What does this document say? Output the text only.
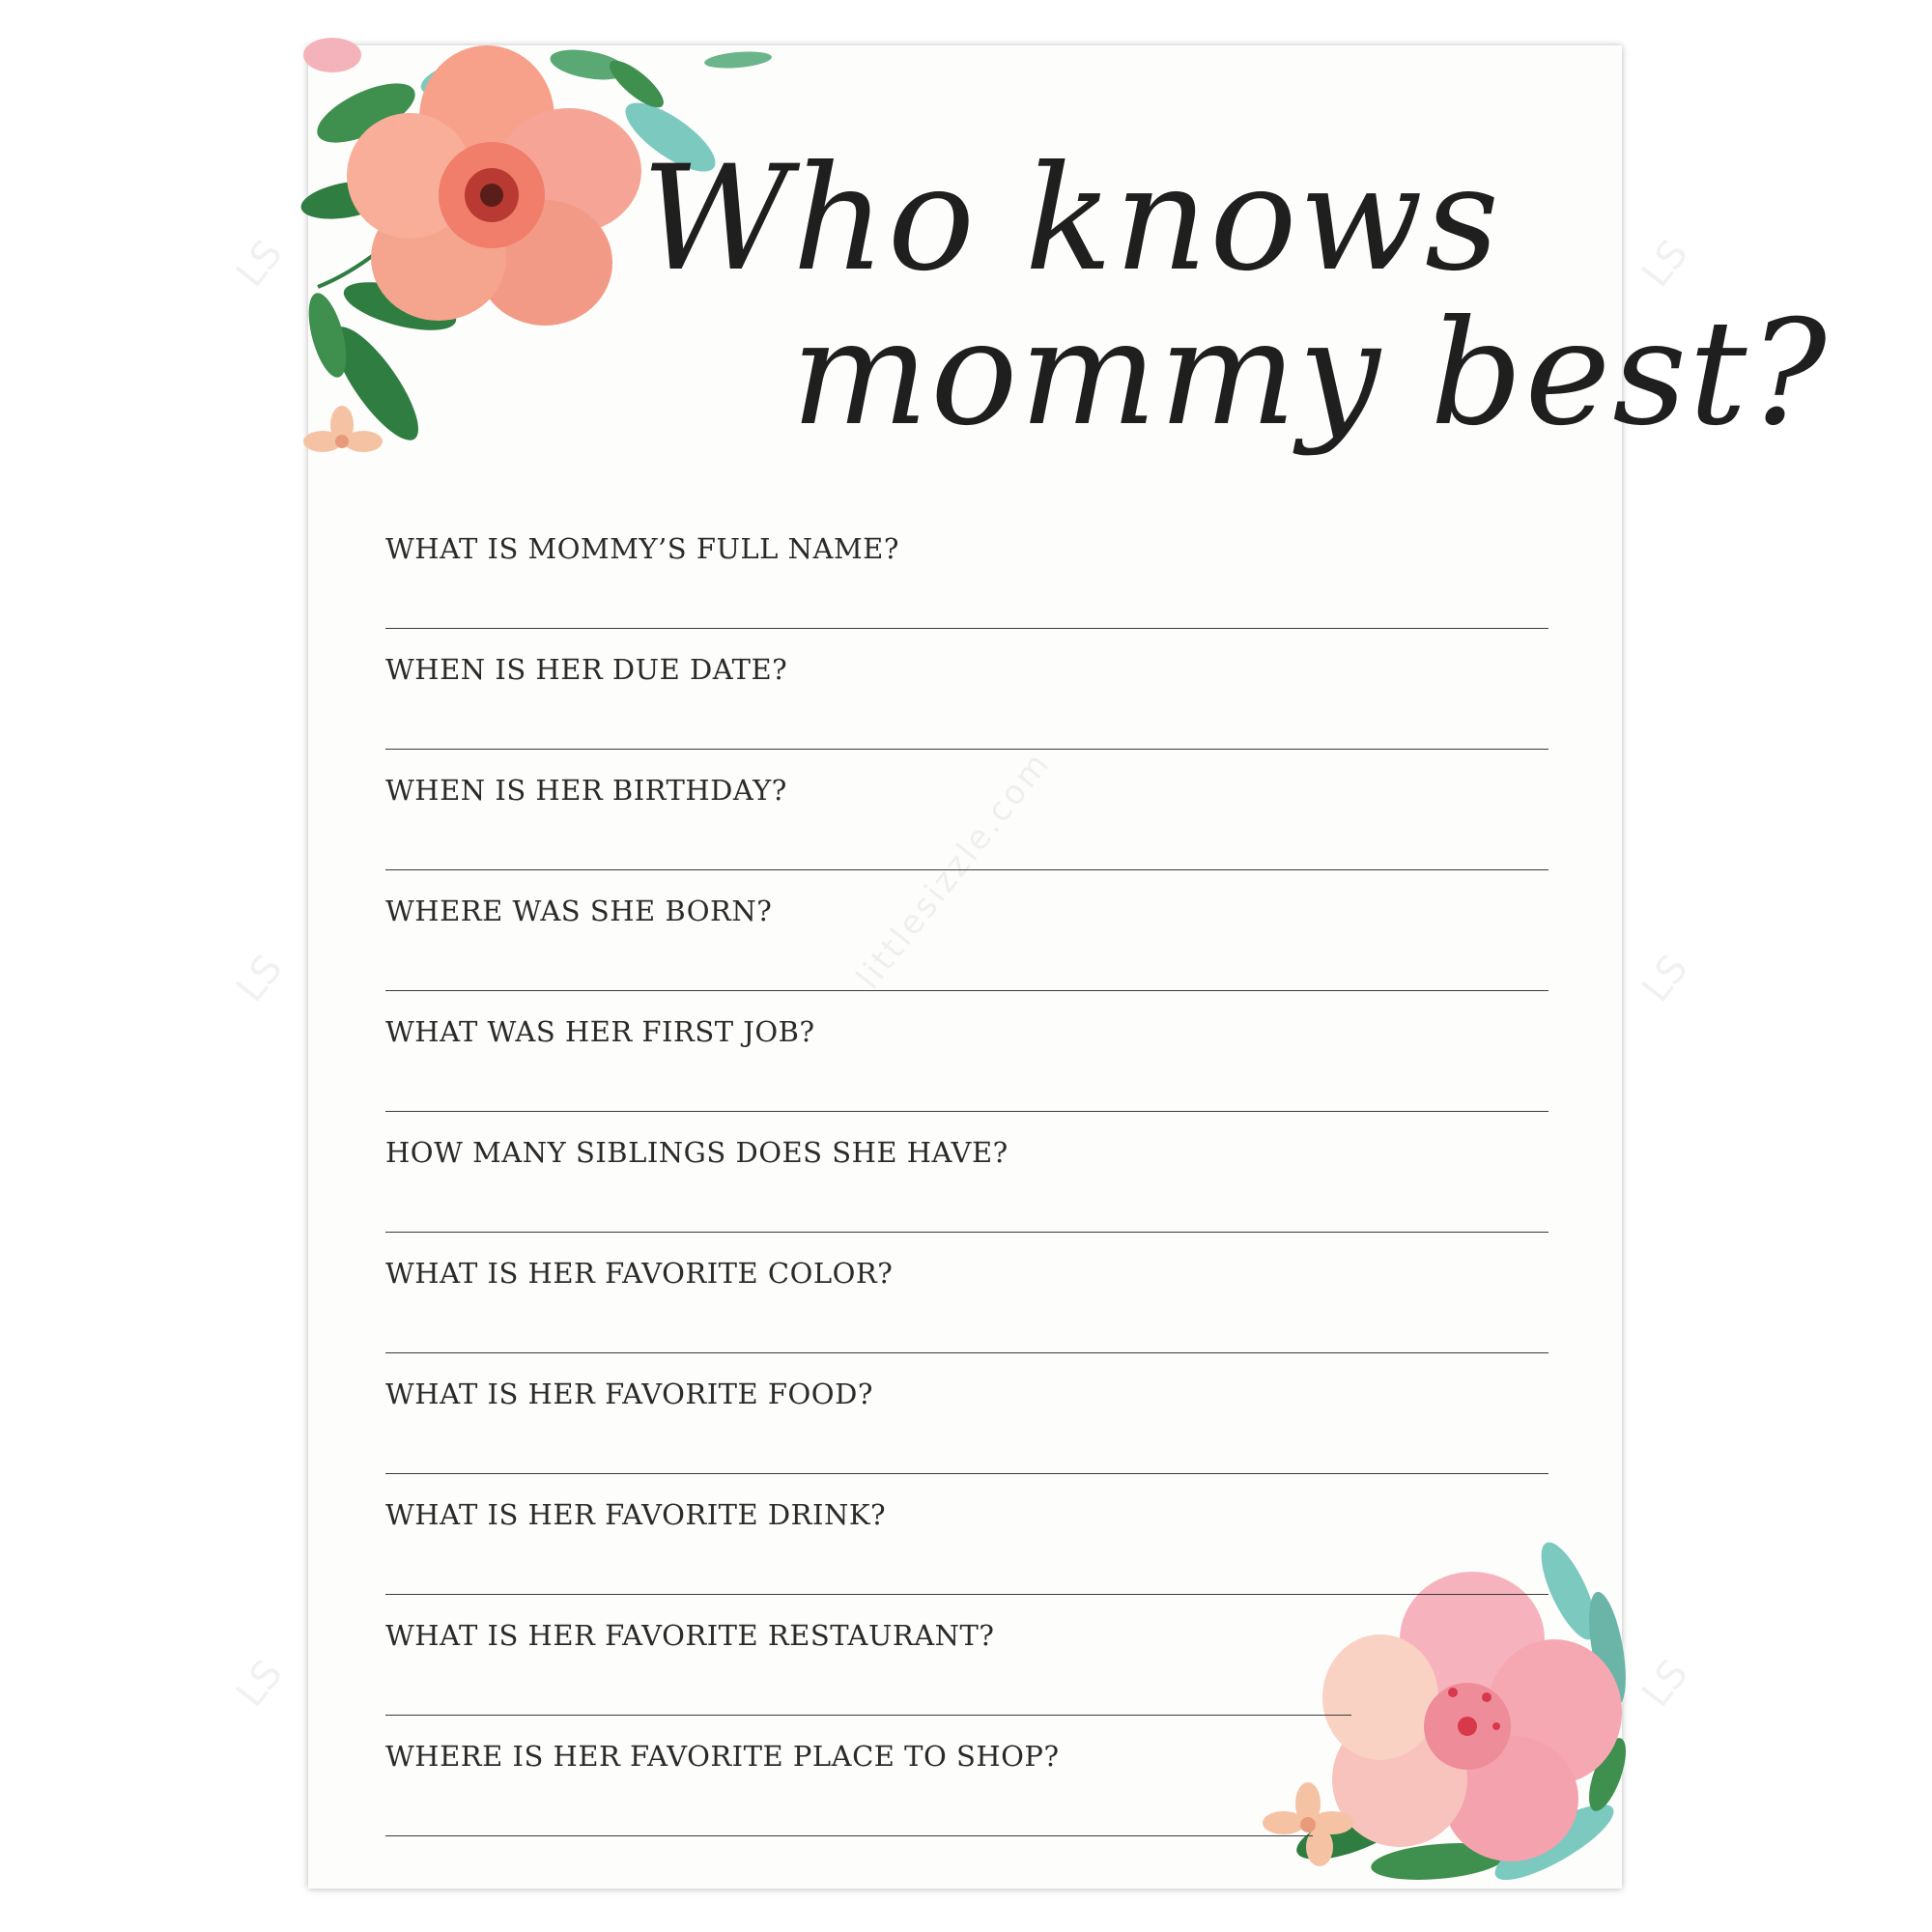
LS
LS
LS
LS
LS
LS
Who knows
mommy best?
littlesizzle.com
WHAT IS MOMMY’S FULL NAME?
WHEN IS HER DUE DATE?
WHEN IS HER BIRTHDAY?
WHERE WAS SHE BORN?
WHAT WAS HER FIRST JOB?
HOW MANY SIBLINGS DOES SHE HAVE?
WHAT IS HER FAVORITE COLOR?
WHAT IS HER FAVORITE FOOD?
WHAT IS HER FAVORITE DRINK?
WHAT IS HER FAVORITE RESTAURANT?
WHERE IS HER FAVORITE PLACE TO SHOP?
